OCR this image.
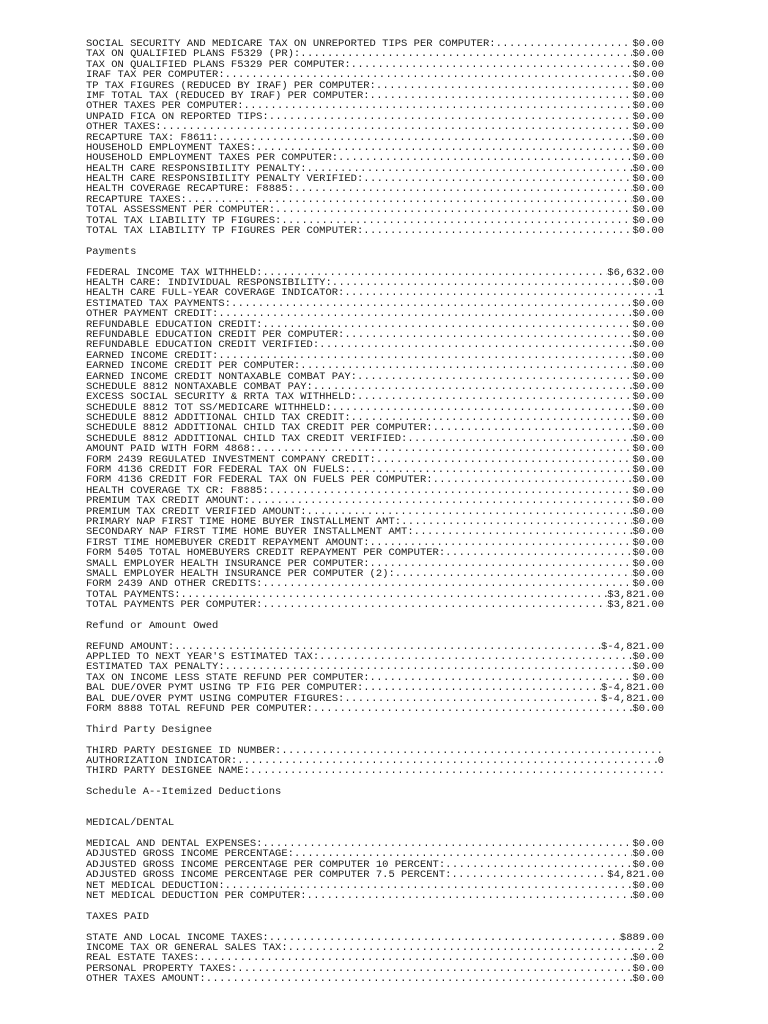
SOCIAL SECURITY AND MEDICARE TAX ON UNREPORTED TIPS PER COMPUTER: .....	$0.00
TAX ON QUALIFIED PLANS F5329 (PR): .....	$0.00
TAX ON QUALIFIED PLANS F5329 PER COMPUTER: .....	$0.00
IRAF TAX PER COMPUTER: .....	$0.00
TP TAX FIGURES (REDUCED BY IRAF) PER COMPUTER: .....	$0.00
IMF TOTAL TAX (REDUCED BY IRAF) PER COMPUTER: .....	$0.00
OTHER TAXES PER COMPUTER: .....	$0.00
UNPAID FICA ON REPORTED TIPS: .....	$0.00
OTHER TAXES: .....	$0.00
RECAPTURE TAX: F8611: .....	$0.00
HOUSEHOLD EMPLOYMENT TAXES: .....	$0.00
HOUSEHOLD EMPLOYMENT TAXES PER COMPUTER: .....	$0.00
HEALTH CARE RESPONSIBILITY PENALTY: .....	$0.00
HEALTH CARE RESPONSIBILITY PENALTY VERIFIED: .....	$0.00
HEALTH COVERAGE RECAPTURE: F8885: .....	$0.00
RECAPTURE TAXES: .....	$0.00
TOTAL ASSESSMENT PER COMPUTER: .....	$0.00
TOTAL TAX LIABILITY TP FIGURES: .....	$0.00
TOTAL TAX LIABILITY TP FIGURES PER COMPUTER: .....	$0.00
Payments
FEDERAL INCOME TAX WITHHELD: .....	$6,632.00
HEALTH CARE: INDIVIDUAL RESPONSIBILITY: .....	$0.00
HEALTH CARE FULL-YEAR COVERAGE INDICATOR: .....	1
ESTIMATED TAX PAYMENTS: .....	$0.00
OTHER PAYMENT CREDIT: .....	$0.00
REFUNDABLE EDUCATION CREDIT: .....	$0.00
REFUNDABLE EDUCATION CREDIT PER COMPUTER: .....	$0.00
REFUNDABLE EDUCATION CREDIT VERIFIED: .....	$0.00
EARNED INCOME CREDIT: .....	$0.00
EARNED INCOME CREDIT PER COMPUTER: .....	$0.00
EARNED INCOME CREDIT NONTAXABLE COMBAT PAY: .....	$0.00
SCHEDULE 8812 NONTAXABLE COMBAT PAY: .....	$0.00
EXCESS SOCIAL SECURITY & RRTA TAX WITHHELD: .....	$0.00
SCHEDULE 8812 TOT SS/MEDICARE WITHHELD: .....	$0.00
SCHEDULE 8812 ADDITIONAL CHILD TAX CREDIT: .....	$0.00
SCHEDULE 8812 ADDITIONAL CHILD TAX CREDIT PER COMPUTER: .....	$0.00
SCHEDULE 8812 ADDITIONAL CHILD TAX CREDIT VERIFIED: .....	$0.00
AMOUNT PAID WITH FORM 4868: .....	$0.00
FORM 2439 REGULATED INVESTMENT COMPANY CREDIT: .....	$0.00
FORM 4136 CREDIT FOR FEDERAL TAX ON FUELS: .....	$0.00
FORM 4136 CREDIT FOR FEDERAL TAX ON FUELS PER COMPUTER: .....	$0.00
HEALTH COVERAGE TX CR: F8885: .....	$0.00
PREMIUM TAX CREDIT AMOUNT: .....	$0.00
PREMIUM TAX CREDIT VERIFIED AMOUNT: .....	$0.00
PRIMARY NAP FIRST TIME HOME BUYER INSTALLMENT AMT: .....	$0.00
SECONDARY NAP FIRST TIME HOME BUYER INSTALLMENT AMT: .....	$0.00
FIRST TIME HOMEBUYER CREDIT REPAYMENT AMOUNT: .....	$0.00
FORM 5405 TOTAL HOMEBUYERS CREDIT REPAYMENT PER COMPUTER: .....	$0.00
SMALL EMPLOYER HEALTH INSURANCE PER COMPUTER: .....	$0.00
SMALL EMPLOYER HEALTH INSURANCE PER COMPUTER (2): .....	$0.00
FORM 2439 AND OTHER CREDITS: .....	$0.00
TOTAL PAYMENTS: .....	$3,821.00
TOTAL PAYMENTS PER COMPUTER: .....	$3,821.00
Refund or Amount Owed
REFUND AMOUNT: .....	$-4,821.00
APPLIED TO NEXT YEAR'S ESTIMATED TAX: .....	$0.00
ESTIMATED TAX PENALTY: .....	$0.00
TAX ON INCOME LESS STATE REFUND PER COMPUTER: .....	$0.00
BAL DUE/OVER PYMT USING TP FIG PER COMPUTER: .....	$-4,821.00
BAL DUE/OVER PYMT USING COMPUTER FIGURES: .....	$-4,821.00
FORM 8888 TOTAL REFUND PER COMPUTER: .....	$0.00
Third Party Designee
THIRD PARTY DESIGNEE ID NUMBER:
.....
AUTHORIZATION INDICATOR: .....	0
THIRD PARTY DESIGNEE NAME:
.....
Schedule A--Itemized Deductions
MEDICAL/DENTAL
MEDICAL AND DENTAL EXPENSES: .....	$0.00
ADJUSTED GROSS INCOME PERCENTAGE: .....	$0.00
ADJUSTED GROSS INCOME PERCENTAGE PER COMPUTER 10 PERCENT: .....	$0.00
ADJUSTED GROSS INCOME PERCENTAGE PER COMPUTER 7.5 PERCENT: .....	$4,821.00
NET MEDICAL DEDUCTION: .....	$0.00
NET MEDICAL DEDUCTION PER COMPUTER: .....	$0.00
TAXES PAID
STATE AND LOCAL INCOME TAXES: .....	$889.00
INCOME TAX OR GENERAL SALES TAX: .....	2
REAL ESTATE TAXES: .....	$0.00
PERSONAL PROPERTY TAXES: .....	$0.00
OTHER TAXES AMOUNT: .....	$0.00
